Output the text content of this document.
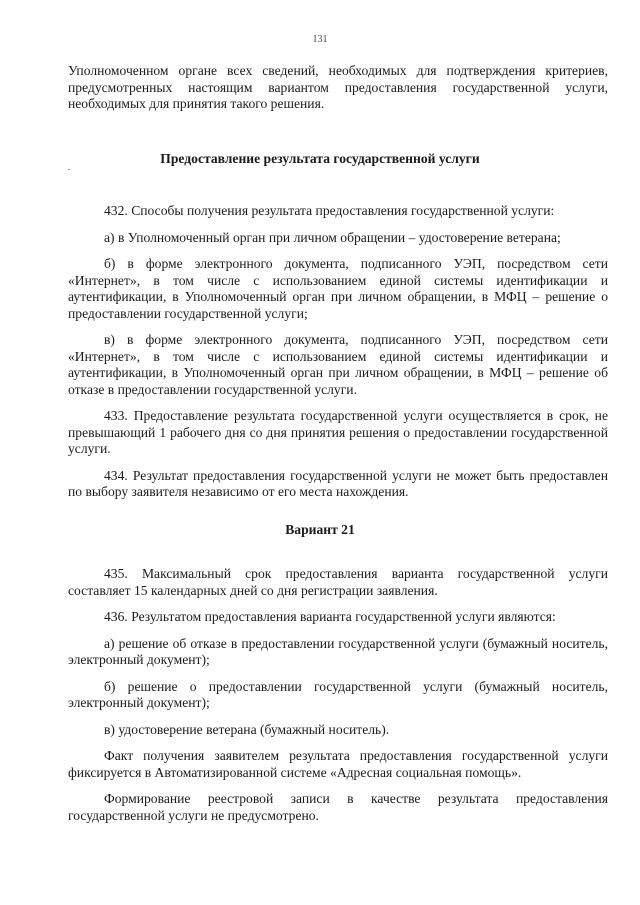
131

Уполномоченном органе всех сведений, необходимых для подтверждения критериев, предусмотренных настоящим вариантом предоставления государственной услуги, необходимых для принятия такого решения.

Предоставление результата государственной услуги

432. Способы получения результата предоставления государственной услуги:

а) в Уполномоченный орган при личном обращении – удостоверение ветерана;

б) в форме электронного документа, подписанного УЭП, посредством сети «Интернет», в том числе с использованием единой системы идентификации и аутентификации, в Уполномоченный орган при личном обращении, в МФЦ – решение о предоставлении государственной услуги;

в) в форме электронного документа, подписанного УЭП, посредством сети «Интернет», в том числе с использованием единой системы идентификации и аутентификации, в Уполномоченный орган при личном обращении, в МФЦ – решение об отказе в предоставлении государственной услуги.

433. Предоставление результата государственной услуги осуществляется в срок, не превышающий 1 рабочего дня со дня принятия решения о предоставлении государственной услуги.

434. Результат предоставления государственной услуги не может быть предоставлен по выбору заявителя независимо от его места нахождения.

Вариант 21

435. Максимальный срок предоставления варианта государственной услуги составляет 15 календарных дней со дня регистрации заявления.

436. Результатом предоставления варианта государственной услуги являются:

а) решение об отказе в предоставлении государственной услуги (бумажный носитель, электронный документ);

б) решение о предоставлении государственной услуги (бумажный носитель, электронный документ);

в) удостоверение ветерана (бумажный носитель).

Факт получения заявителем результата предоставления государственной услуги фиксируется в Автоматизированной системе «Адресная социальная помощь».

Формирование реестровой записи в качестве результата предоставления государственной услуги не предусмотрено.
